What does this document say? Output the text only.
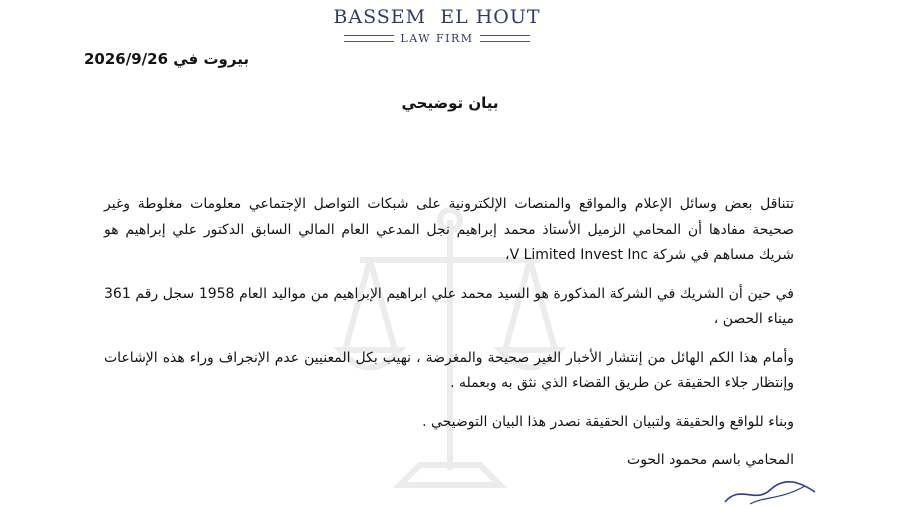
BASSEM  EL HOUT
LAW FIRM
بيروت في 2026/9/26
بيان توضيحي

تتناقل بعض وسائل الإعلام والمواقع والمنصات الإلكترونية على شبكات التواصل الإجتماعي معلومات مغلوطة وغير صحيحة مفادها أن المحامي الزميل الأستاذ محمد إبراهيم نجل المدعي العام المالي السابق الدكتور علي إبراهيم هو شريك مساهم في شركة V Limited Invest Inc،

في حين أن الشريك في الشركة المذكورة هو السيد محمد علي ابراهيم الإبراهيم من مواليد العام 1958 سجل رقم 361 ميناء الحصن ،

وأمام هذا الكم الهائل من إنتشار الأخبار الغير صحيحة والمغرضة ، نهيب بكل المعنيين عدم الإنجراف وراء هذه الإشاعات وإنتظار جلاء الحقيقة عن طريق القضاء الذي نثق به وبعمله .

وبناء للواقع والحقيقة ولتبيان الحقيقة نصدر هذا البيان التوضيحي .

المحامي باسم محمود الحوت
